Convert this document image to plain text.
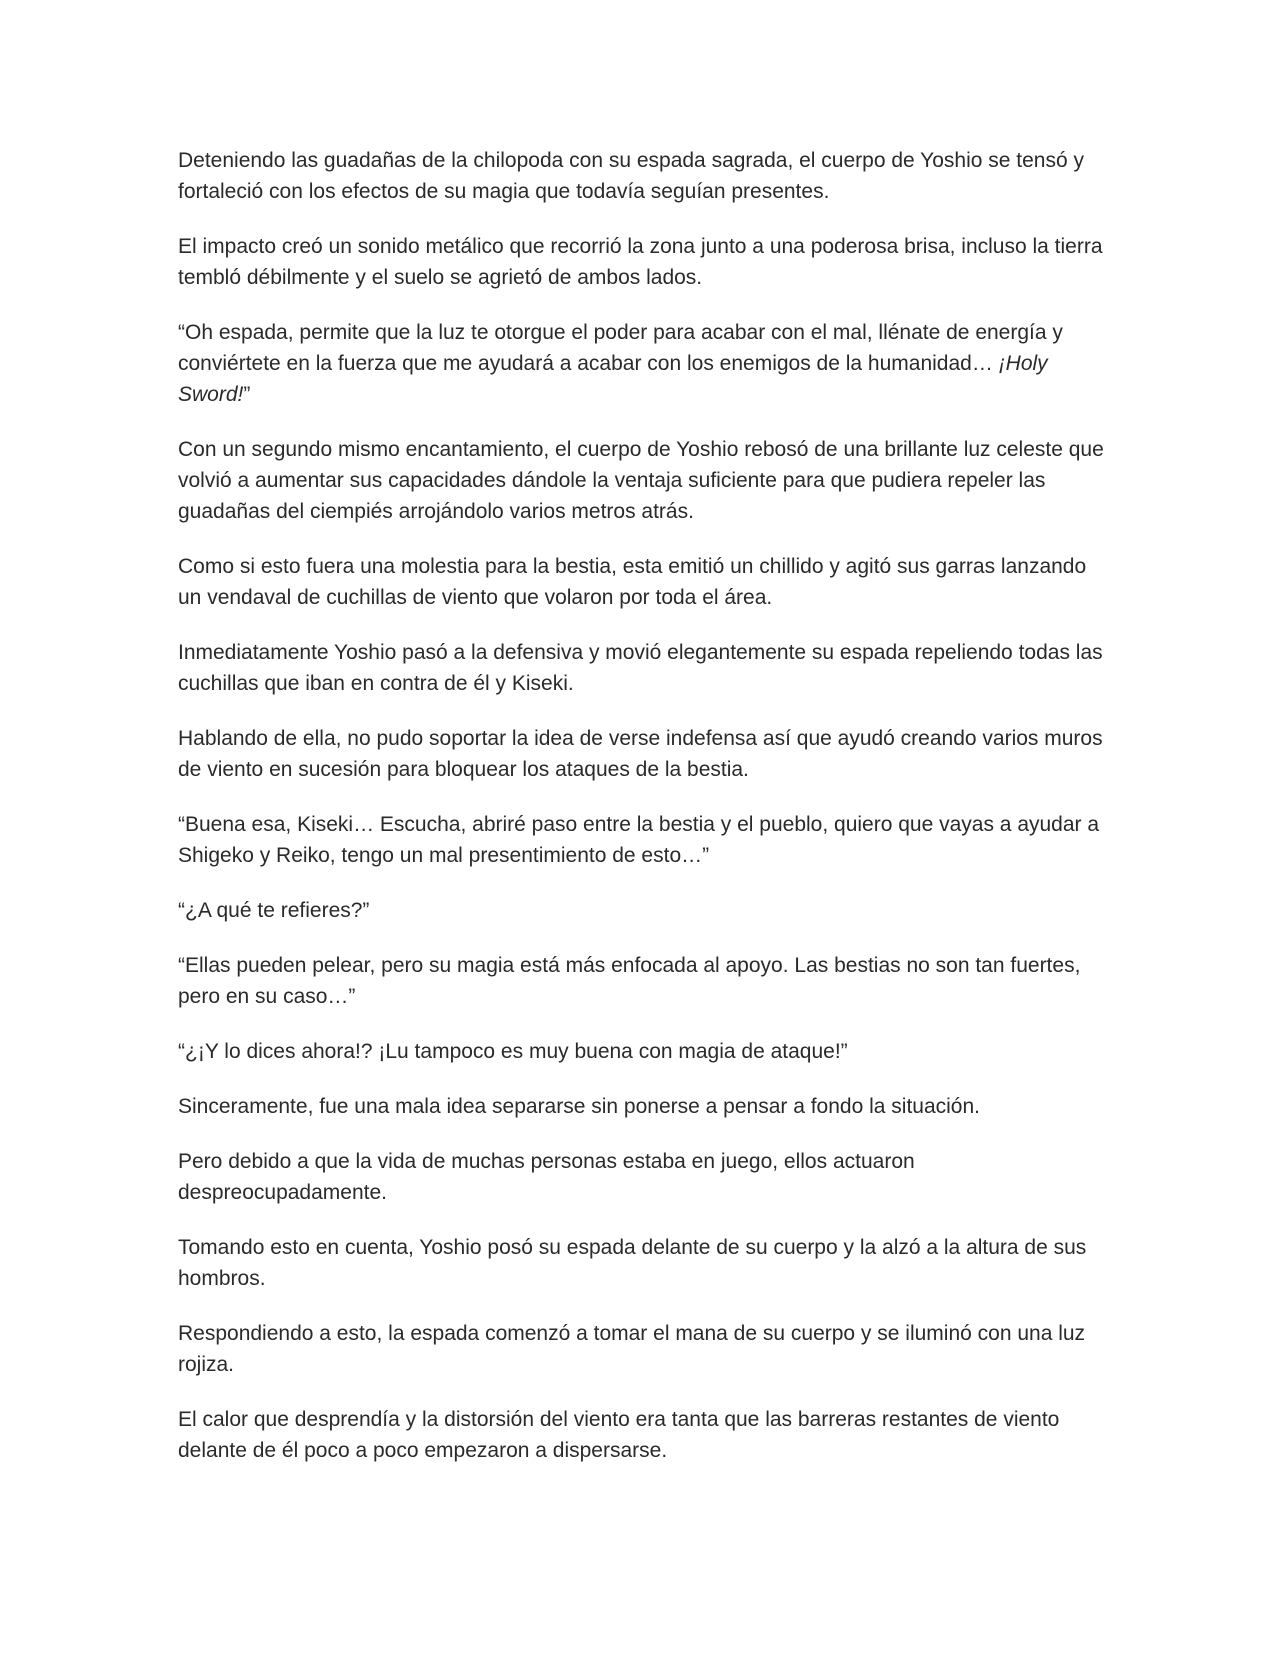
Deteniendo las guadañas de la chilopoda con su espada sagrada, el cuerpo de Yoshio se tensó y fortaleció con los efectos de su magia que todavía seguían presentes.

El impacto creó un sonido metálico que recorrió la zona junto a una poderosa brisa, incluso la tierra tembló débilmente y el suelo se agrietó de ambos lados.

“Oh espada, permite que la luz te otorgue el poder para acabar con el mal, llénate de energía y conviértete en la fuerza que me ayudará a acabar con los enemigos de la humanidad… ¡Holy Sword!”

Con un segundo mismo encantamiento, el cuerpo de Yoshio rebosó de una brillante luz celeste que volvió a aumentar sus capacidades dándole la ventaja suficiente para que pudiera repeler las guadañas del ciempiés arrojándolo varios metros atrás.

Como si esto fuera una molestia para la bestia, esta emitió un chillido y agitó sus garras lanzando un vendaval de cuchillas de viento que volaron por toda el área.

Inmediatamente Yoshio pasó a la defensiva y movió elegantemente su espada repeliendo todas las cuchillas que iban en contra de él y Kiseki.

Hablando de ella, no pudo soportar la idea de verse indefensa así que ayudó creando varios muros de viento en sucesión para bloquear los ataques de la bestia.

“Buena esa, Kiseki… Escucha, abriré paso entre la bestia y el pueblo, quiero que vayas a ayudar a Shigeko y Reiko, tengo un mal presentimiento de esto…”

“¿A qué te refieres?”

“Ellas pueden pelear, pero su magia está más enfocada al apoyo. Las bestias no son tan fuertes, pero en su caso…”

“¿¡Y lo dices ahora!? ¡Lu tampoco es muy buena con magia de ataque!”

Sinceramente, fue una mala idea separarse sin ponerse a pensar a fondo la situación.

Pero debido a que la vida de muchas personas estaba en juego, ellos actuaron despreocupadamente.

Tomando esto en cuenta, Yoshio posó su espada delante de su cuerpo y la alzó a la altura de sus hombros.

Respondiendo a esto, la espada comenzó a tomar el mana de su cuerpo y se iluminó con una luz rojiza.

El calor que desprendía y la distorsión del viento era tanta que las barreras restantes de viento delante de él poco a poco empezaron a dispersarse.
